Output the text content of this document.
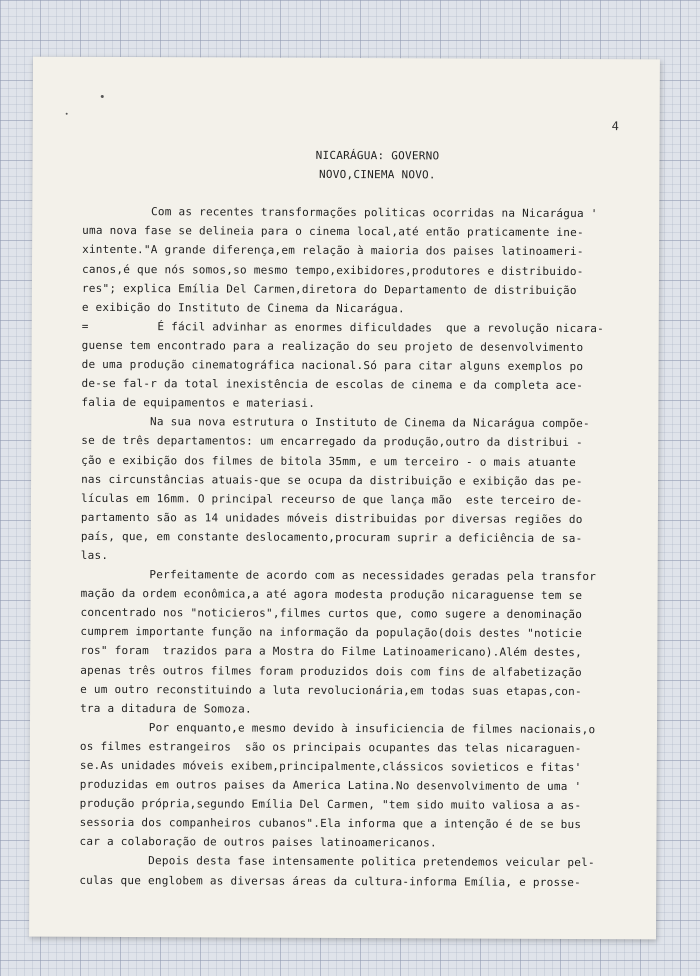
4
NICARÁGUA: GOVERNO
NOVO,CINEMA NOVO.
Com as recentes transformações politicas ocorridas na Nicarágua '
uma nova fase se delineia para o cinema local,até então praticamente ine-
xintente."A grande diferença,em relação à maioria dos paises latinoameri-
canos,é que nós somos,so mesmo tempo,exibidores,produtores e distribuido-
res"; explica Emília Del Carmen,diretora do Departamento de distribuição
e exibição do Instituto de Cinema da Nicarágua.
=          É fácil advinhar as enormes dificuldades  que a revolução nicara-
guense tem encontrado para a realização do seu projeto de desenvolvimento
de uma produção cinematográfica nacional.Só para citar alguns exemplos po
de-se fal-r da total inexistência de escolas de cinema e da completa ace-
falia de equipamentos e materiasi.
Na sua nova estrutura o Instituto de Cinema da Nicarágua compõe-
se de três departamentos: um encarregado da produção,outro da distribui -
ção e exibição dos filmes de bitola 35mm, e um terceiro - o mais atuante
nas circunstâncias atuais-que se ocupa da distribuição e exibição das pe-
lículas em 16mm. O principal receurso de que lança mão  este terceiro de-
partamento são as 14 unidades móveis distribuidas por diversas regiões do
país, que, em constante deslocamento,procuram suprir a deficiência de sa-
las.
Perfeitamente de acordo com as necessidades geradas pela transfor
mação da ordem econômica,a até agora modesta produção nicaraguense tem se
concentrado nos "noticieros",filmes curtos que, como sugere a denominação
cumprem importante função na informação da população(dois destes "noticie
ros" foram  trazidos para a Mostra do Filme Latinoamericano).Além destes,
apenas três outros filmes foram produzidos dois com fins de alfabetização
e um outro reconstituindo a luta revolucionária,em todas suas etapas,con-
tra a ditadura de Somoza.
Por enquanto,e mesmo devido à insuficiencia de filmes nacionais,o
os filmes estrangeiros  são os principais ocupantes das telas nicaraguen-
se.As unidades móveis exibem,principalmente,clássicos sovieticos e fitas'
produzidas em outros paises da America Latina.No desenvolvimento de uma '
produção própria,segundo Emília Del Carmen, "tem sido muito valiosa a as-
sessoria dos companheiros cubanos".Ela informa que a intenção é de se bus
car a colaboração de outros paises latinoamericanos.
Depois desta fase intensamente politica pretendemos veicular pel-
culas que englobem as diversas áreas da cultura-informa Emília, e prosse-
